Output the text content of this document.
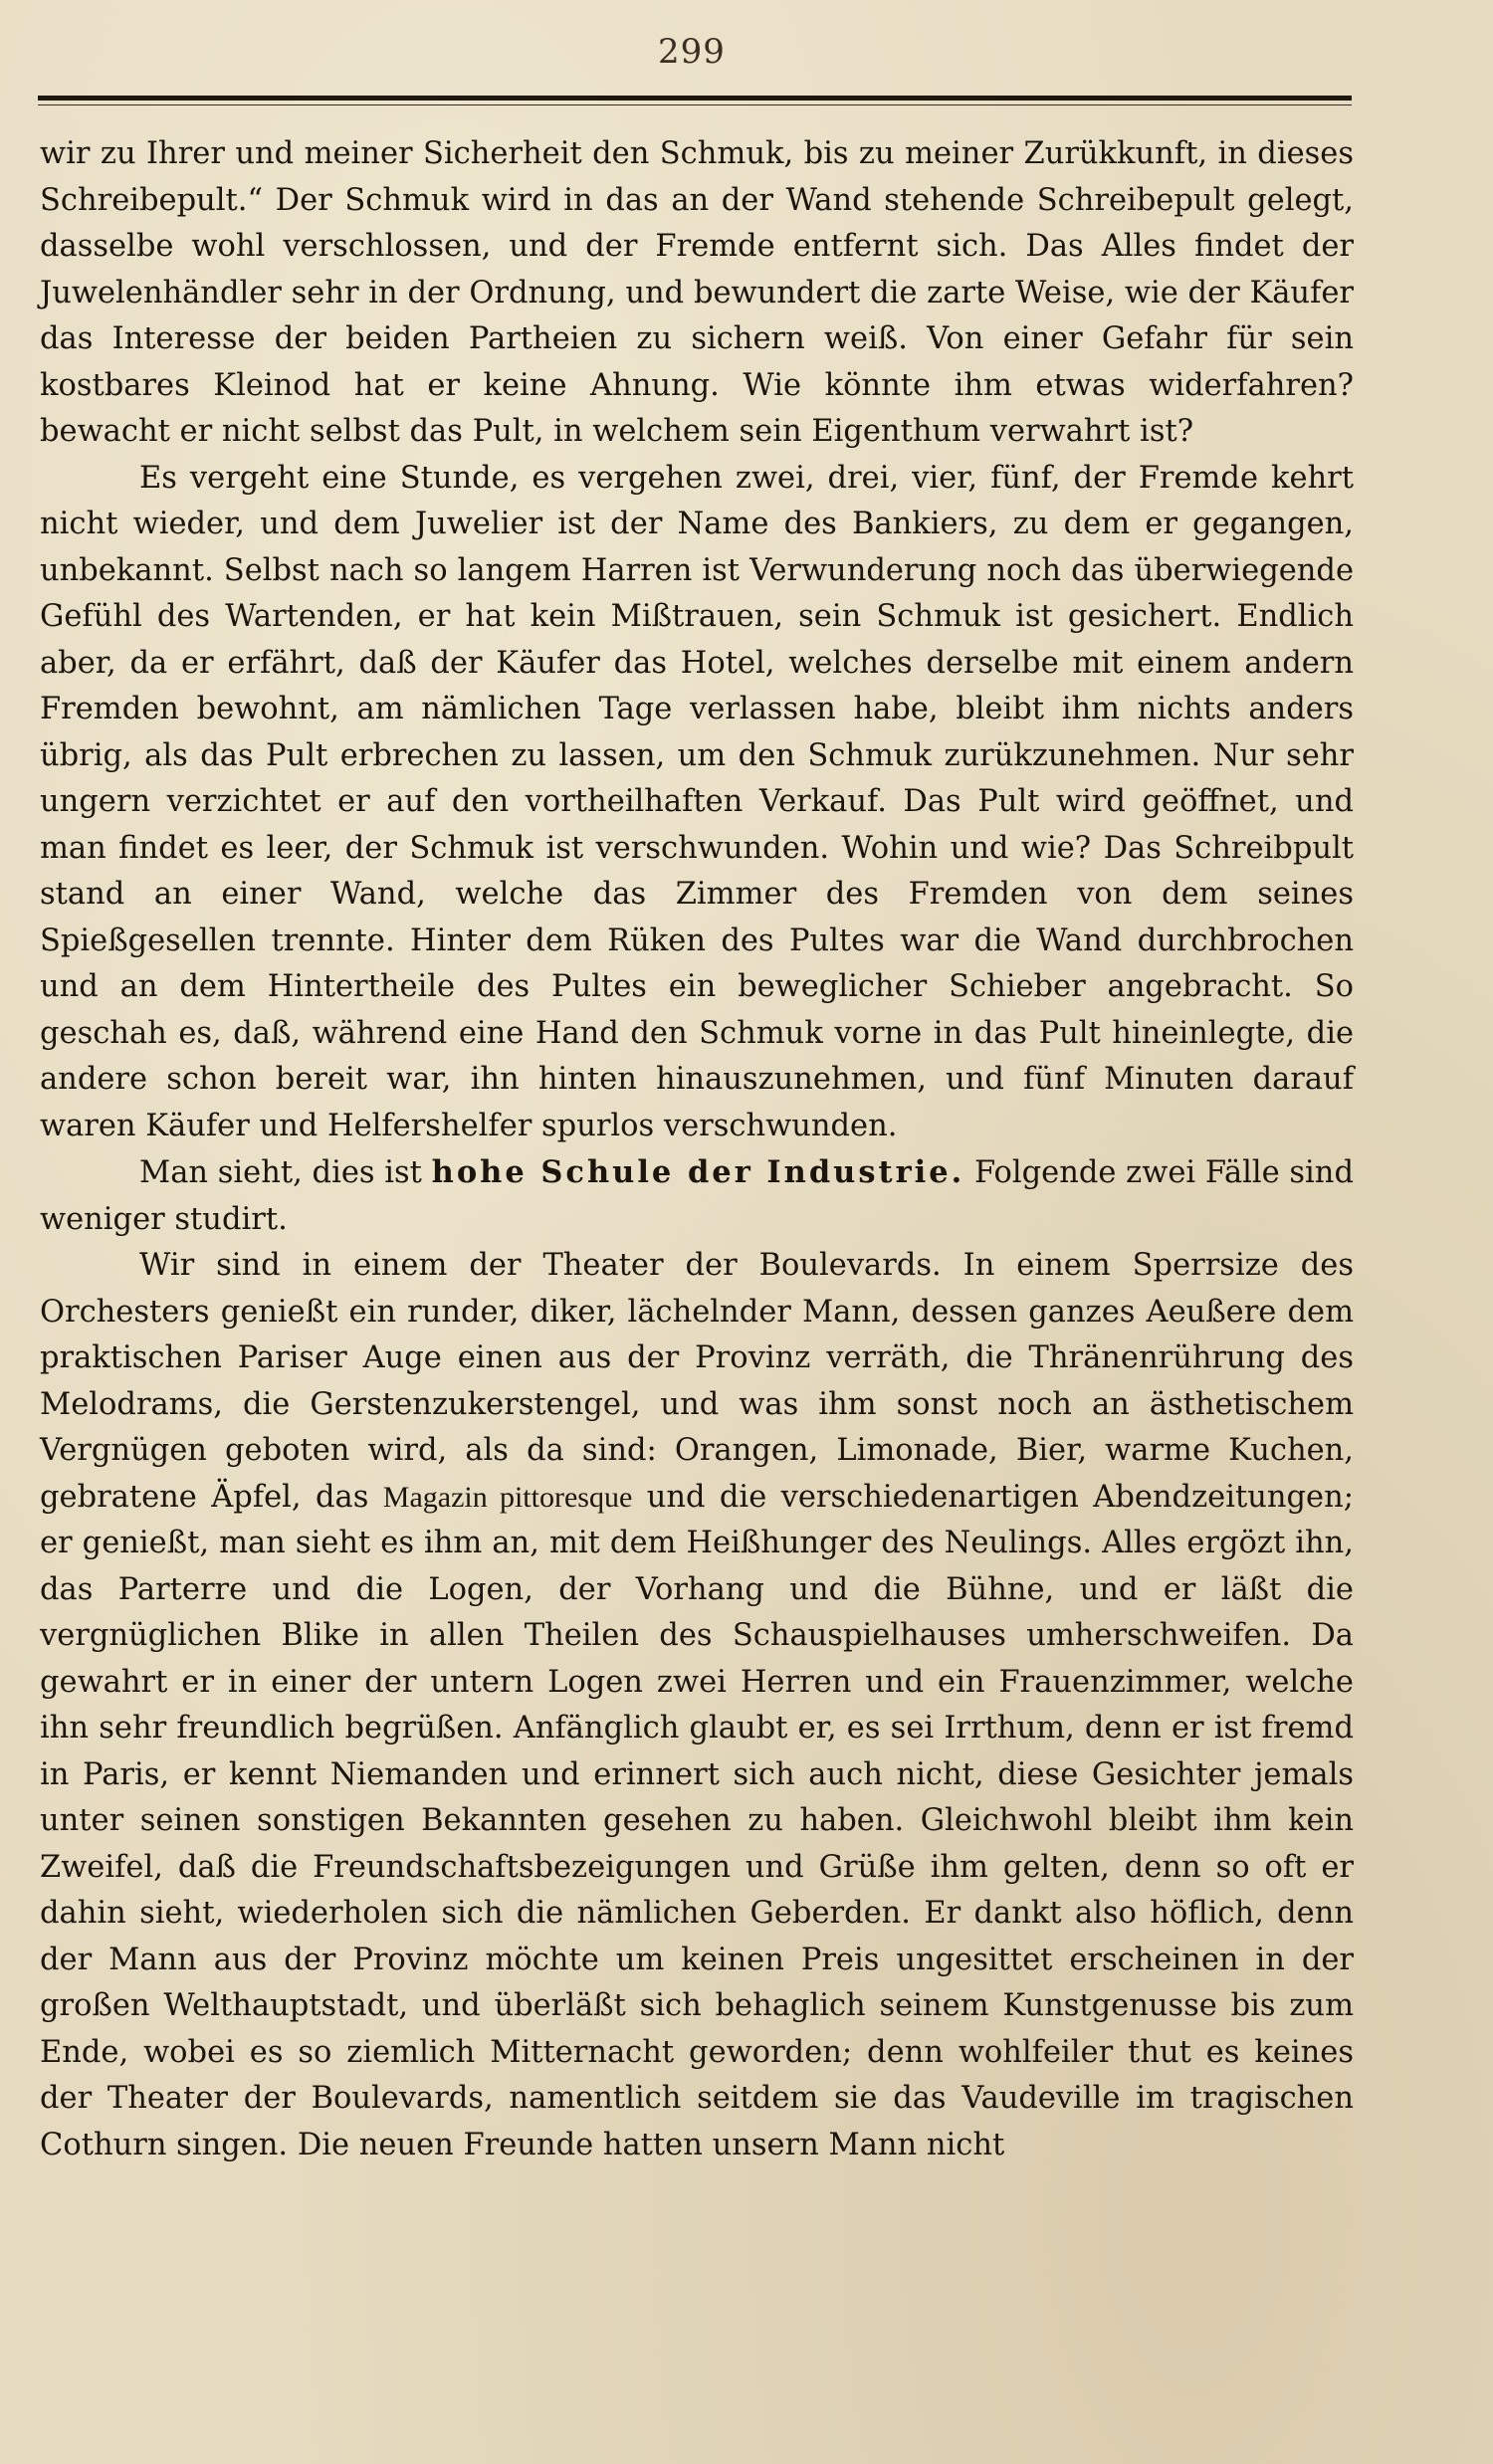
299

wir zu Ihrer und meiner Sicherheit den Schmuk, bis zu meiner Zurükkunft, in dieses Schreibepult.“ Der Schmuk wird in das an der Wand stehende Schreibepult gelegt, dasselbe wohl verschlossen, und der Fremde entfernt sich. Das Alles findet der Juwelenhändler sehr in der Ordnung, und bewundert die zarte Weise, wie der Käufer das Interesse der beiden Partheien zu sichern weiß. Von einer Gefahr für sein kostbares Kleinod hat er keine Ahnung. Wie könnte ihm etwas widerfahren? bewacht er nicht selbst das Pult, in welchem sein Eigenthum verwahrt ist?

Es vergeht eine Stunde, es vergehen zwei, drei, vier, fünf, der Fremde kehrt nicht wieder, und dem Juwelier ist der Name des Bankiers, zu dem er gegangen, unbekannt. Selbst nach so langem Harren ist Verwunderung noch das überwiegende Gefühl des Wartenden, er hat kein Mißtrauen, sein Schmuk ist gesichert. Endlich aber, da er erfährt, daß der Käufer das Hotel, welches derselbe mit einem andern Fremden bewohnt, am nämlichen Tage verlassen habe, bleibt ihm nichts anders übrig, als das Pult erbrechen zu lassen, um den Schmuk zurükzunehmen. Nur sehr ungern verzichtet er auf den vortheilhaften Verkauf. Das Pult wird geöffnet, und man findet es leer, der Schmuk ist verschwunden. Wohin und wie? Das Schreibpult stand an einer Wand, welche das Zimmer des Fremden von dem seines Spießgesellen trennte. Hinter dem Rüken des Pultes war die Wand durchbrochen und an dem Hintertheile des Pultes ein beweglicher Schieber angebracht. So geschah es, daß, während eine Hand den Schmuk vorne in das Pult hineinlegte, die andere schon bereit war, ihn hinten hinauszunehmen, und fünf Minuten darauf waren Käufer und Helfershelfer spurlos verschwunden.

Man sieht, dies ist hohe Schule der Industrie. Folgende zwei Fälle sind weniger studirt.

Wir sind in einem der Theater der Boulevards. In einem Sperrsize des Orchesters genießt ein runder, diker, lächelnder Mann, dessen ganzes Aeußere dem praktischen Pariser Auge einen aus der Provinz verräth, die Thränenrührung des Melodrams, die Gerstenzukerstengel, und was ihm sonst noch an ästhetischem Vergnügen geboten wird, als da sind: Orangen, Limonade, Bier, warme Kuchen, gebratene Äpfel, das Magazin pittoresque und die verschiedenartigen Abendzeitungen; er genießt, man sieht es ihm an, mit dem Heißhunger des Neulings. Alles ergözt ihn, das Parterre und die Logen, der Vorhang und die Bühne, und er läßt die vergnüglichen Blike in allen Theilen des Schauspielhauses umherschweifen. Da gewahrt er in einer der untern Logen zwei Herren und ein Frauenzimmer, welche ihn sehr freundlich begrüßen. Anfänglich glaubt er, es sei Irrthum, denn er ist fremd in Paris, er kennt Niemanden und erinnert sich auch nicht, diese Gesichter jemals unter seinen sonstigen Bekannten gesehen zu haben. Gleichwohl bleibt ihm kein Zweifel, daß die Freundschaftsbezeigungen und Grüße ihm gelten, denn so oft er dahin sieht, wiederholen sich die nämlichen Geberden. Er dankt also höflich, denn der Mann aus der Provinz möchte um keinen Preis ungesittet erscheinen in der großen Welthauptstadt, und überläßt sich behaglich seinem Kunstgenusse bis zum Ende, wobei es so ziemlich Mitternacht geworden; denn wohlfeiler thut es keines der Theater der Boulevards, namentlich seitdem sie das Vaudeville im tragischen Cothurn singen. Die neuen Freunde hatten unsern Mann nicht
